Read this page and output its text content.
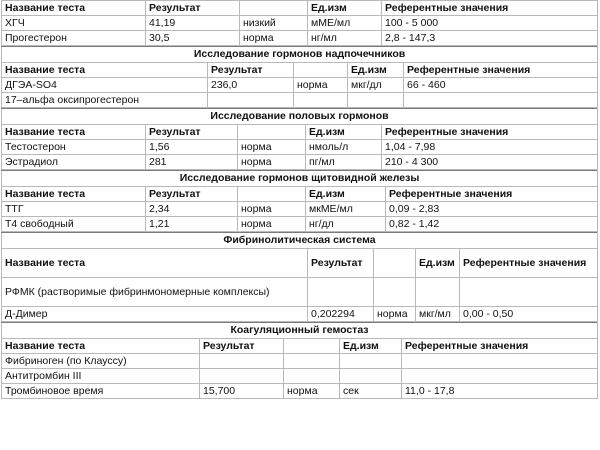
Название теста	Результат		Ед.изм	Референтные значения
ХГЧ	41,19	низкий	мМЕ/мл	100 - 5 000
Прогестерон	30,5	норма	нг/мл	2,8 - 147,3
Исследование гормонов надпочечников				
Название теста	Результат		Ед.изм	Референтные значения
ДГЭА-SO4	236,0	норма	мкг/дл	66 - 460
17–альфа оксипрогестерон				
Исследование половых гормонов				
Название теста	Результат		Ед.изм	Референтные значения
Тестостерон	1,56	норма	нмоль/л	1,04 - 7,98
Эстрадиол	281	норма	пг/мл	210 - 4 300
Исследование гормонов щитовидной железы				
Название теста	Результат		Ед.изм	Референтные значения
ТТГ	2,34	норма	мкМЕ/мл	0,09 - 2,83
Т4 свободный	1,21	норма	нг/дл	0,82 - 1,42
Фибринолитическая система				
Название теста	Результат		Ед.изм	Референтные значения
РФМК (растворимые фибринмономерные комплексы)				
Д-Димер	0,202294	норма	мкг/мл	0,00 - 0,50
Коагуляционный гемостаз				
Название теста	Результат		Ед.изм	Референтные значения
Фибриноген (по Клауссу)				
Антитромбин III				
Тромбиновое время	15,700	норма	сек	11,0 - 17,8
